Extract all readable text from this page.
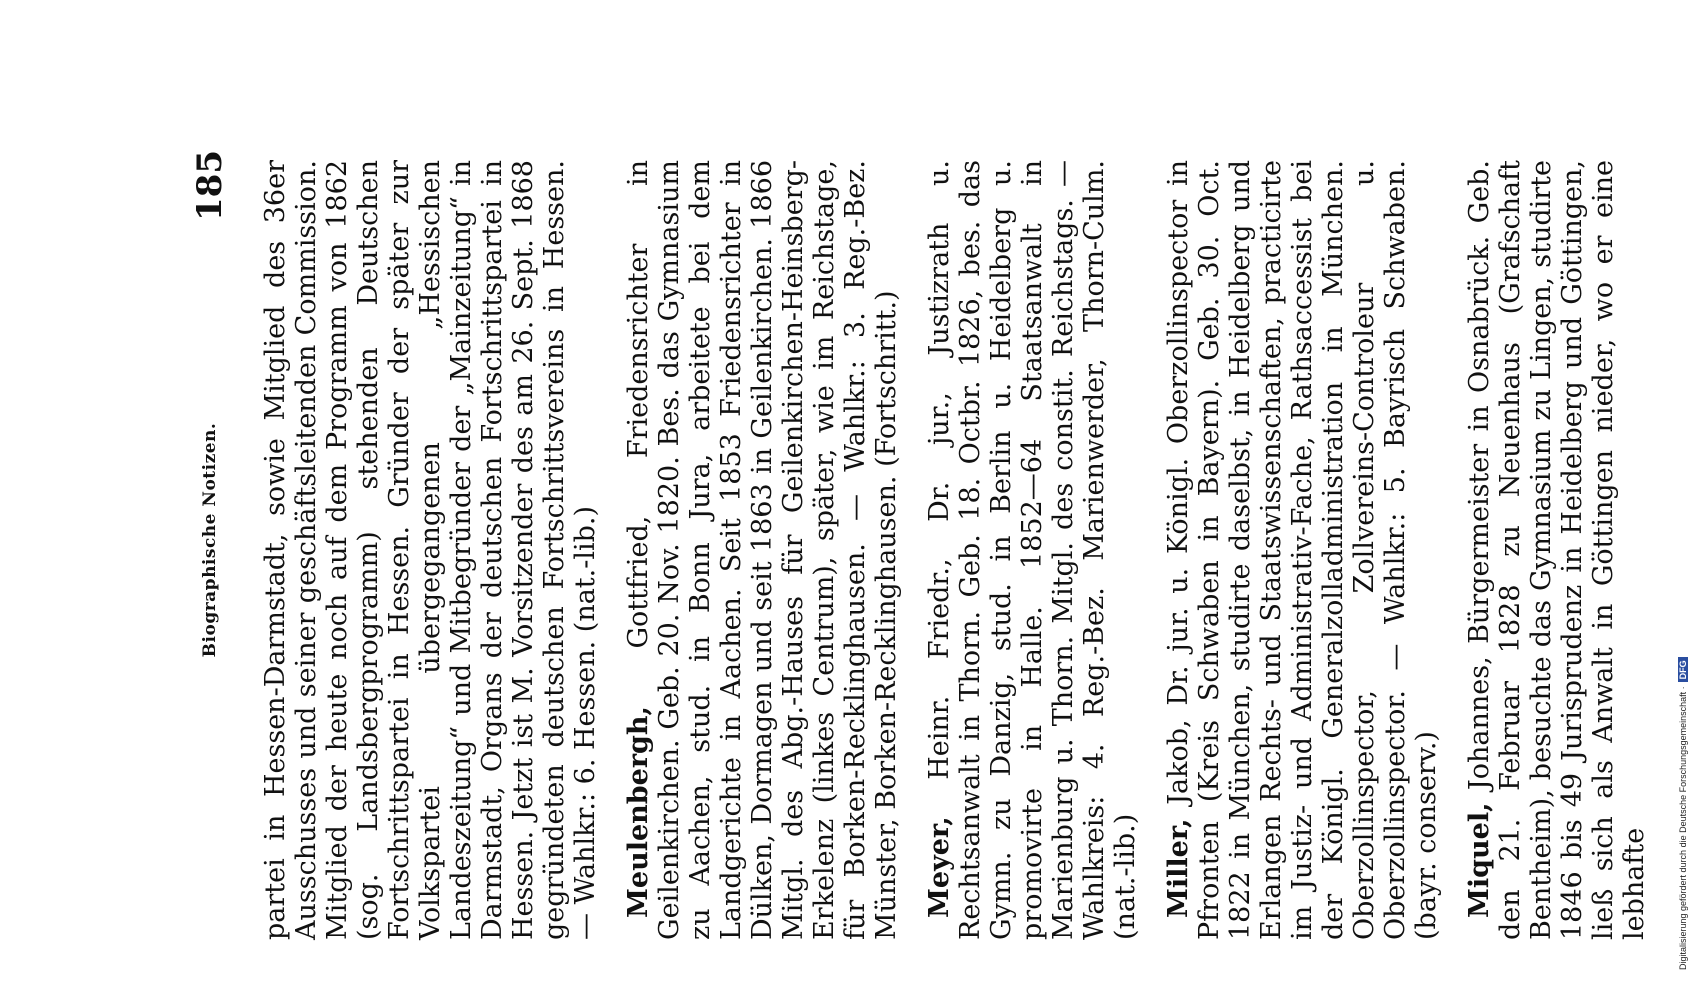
Biographische Notizen.
185 partei in Hessen-Darmstadt, sowie Mitglied des 36er Ausschusses und seiner geschäftsleitenden Commission. Mitglied der heute noch auf dem Programm von 1862 (sog. Landsbergprogramm) stehenden Deutschen Fortschrittspartei in Hessen. Gründer der später zur Volkspartei übergegangenen „Hessischen Landeszeitung“ und Mitbegründer der „Mainzeitung“ in Darmstadt, Organs der deutschen Fortschrittspartei in Hessen. Jetzt ist M. Vorsitzender des am 26. Sept. 1868 gegründeten deutschen Fortschrittsvereins in Hessen. — Wahlkr.: 6. Hessen. (nat.-lib.) Meulenbergh, Gottfried, Friedensrichter in Geilenkirchen. Geb. 20. Nov. 1820. Bes. das Gymnasium zu Aachen, stud. in Bonn Jura, arbeitete bei dem Landgerichte in Aachen. Seit 1853 Friedensrichter in Dülken, Dormagen und seit 1863 in Geilenkirchen. 1866 Mitgl. des Abg.-Hauses für Geilenkirchen-Heinsberg-Erkelenz (linkes Centrum), später, wie im Reichstage, für Borken-Recklinghausen. — Wahlkr.: 3. Reg.-Bez. Münster, Borken-Recklinghausen. (Fortschritt.) Meyer, Heinr. Friedr., Dr. jur., Justizrath u. Rechtsanwalt in Thorn. Geb. 18. Octbr. 1826, bes. das Gymn. zu Danzig, stud. in Berlin u. Heidelberg u. promovirte in Halle. 1852—64 Staatsanwalt in Marienburg u. Thorn. Mitgl. des constit. Reichstags. — Wahlkreis: 4. Reg.-Bez. Marienwerder, Thorn-Culm. (nat.-lib.) Miller, Jakob, Dr. jur. u. Königl. Oberzollinspector in Pfronten (Kreis Schwaben in Bayern). Geb. 30. Oct. 1822 in München, studirte daselbst, in Heidelberg und Erlangen Rechts- und Staatswissenschaften, practicirte im Justiz- und Administrativ-Fache, Rathsaccessist bei der Königl. Generalzolladministration in München. Oberzollinspector, Zollvereins-Controleur u. Oberzollinspector. — Wahlkr.: 5. Bayrisch Schwaben. (bayr. conserv.) Miquel, Johannes, Bürgermeister in Osnabrück. Geb. den 21. Februar 1828 zu Neuenhaus (Grafschaft Bentheim), besuchte das Gymnasium zu Lingen, studirte 1846 bis 49 Jurisprudenz in Heidelberg und Göttingen, ließ sich als Anwalt in Göttingen nieder, wo er eine lebhafte	Digitalisierung gefördert durch die Deutsche Forschungsgemeinschaft ·
DFG
